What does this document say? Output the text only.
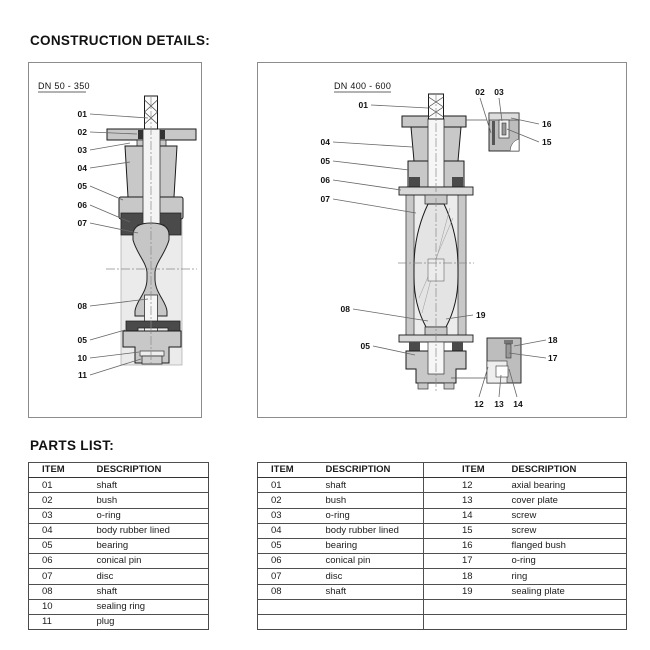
CONSTRUCTION DETAILS:
DN 50 - 350
01
02
03
04
05
06
07
08
05
10
11
DN 400 - 600
01
04
05
06
07
08
19
05
02 03
16
15
18
17
12 13 14
PARTS LIST:
ITEM	DESCRIPTION
01	shaft
02	bush
03	o-ring
04	body rubber lined
05	bearing
06	conical pin
07	disc
08	shaft
10	sealing ring
11	plug
ITEM	DESCRIPTION	ITEM	DESCRIPTION
01	shaft	12	axial bearing
02	bush	13	cover plate
03	o-ring	14	screw
04	body rubber lined	15	screw
05	bearing	16	flanged bush
06	conical pin	17	o-ring
07	disc	18	ring
08	shaft	19	sealing plate
